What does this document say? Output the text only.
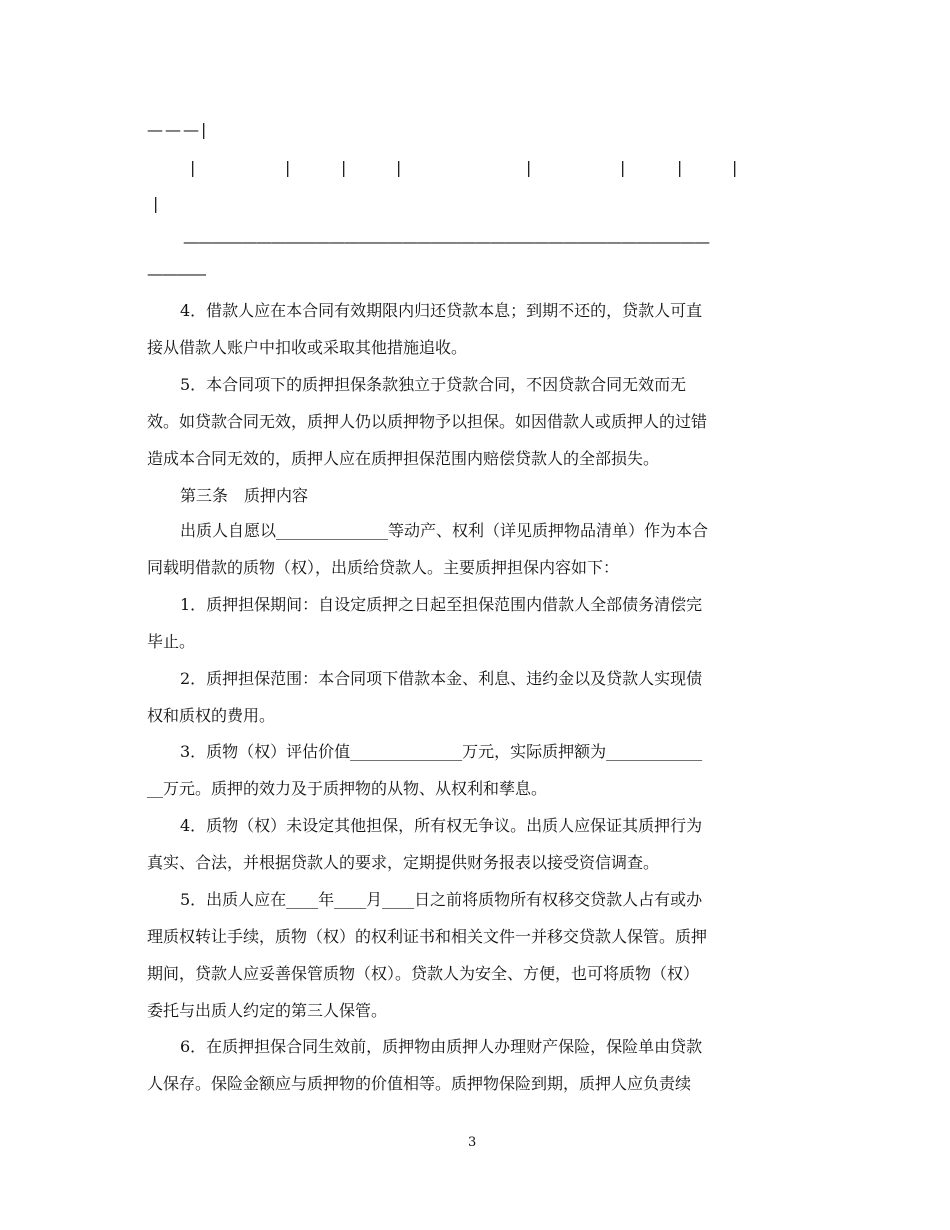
———|
|	|	|	|	|	|	|	|
|
————————————————————————————————————
————
4．借款人应在本合同有效期限内归还贷款本息；到期不还的，贷款人可直
接从借款人账户中扣收或采取其他措施追收。
5．本合同项下的质押担保条款独立于贷款合同，不因贷款合同无效而无
效。如贷款合同无效，质押人仍以质押物予以担保。如因借款人或质押人的过错
造成本合同无效的，质押人应在质押担保范围内赔偿贷款人的全部损失。
第三条　质押内容
出质人自愿以______________等动产、权利（详见质押物品清单）作为本合
同载明借款的质物（权），出质给贷款人。主要质押担保内容如下：
1．质押担保期间：自设定质押之日起至担保范围内借款人全部债务清偿完
毕止。
2．质押担保范围：本合同项下借款本金、利息、违约金以及贷款人实现债
权和质权的费用。
3．质物（权）评估价值______________万元，实际质押额为____________
__万元。质押的效力及于质押物的从物、从权利和孳息。
4．质物（权）未设定其他担保，所有权无争议。出质人应保证其质押行为
真实、合法，并根据贷款人的要求，定期提供财务报表以接受资信调查。
5．出质人应在____年____月____日之前将质物所有权移交贷款人占有或办
理质权转让手续，质物（权）的权利证书和相关文件一并移交贷款人保管。质押
期间，贷款人应妥善保管质物（权）。贷款人为安全、方便，也可将质物（权）
委托与出质人约定的第三人保管。
6．在质押担保合同生效前，质押物由质押人办理财产保险，保险单由贷款
人保存。保险金额应与质押物的价值相等。质押物保险到期，质押人应负责续
3
